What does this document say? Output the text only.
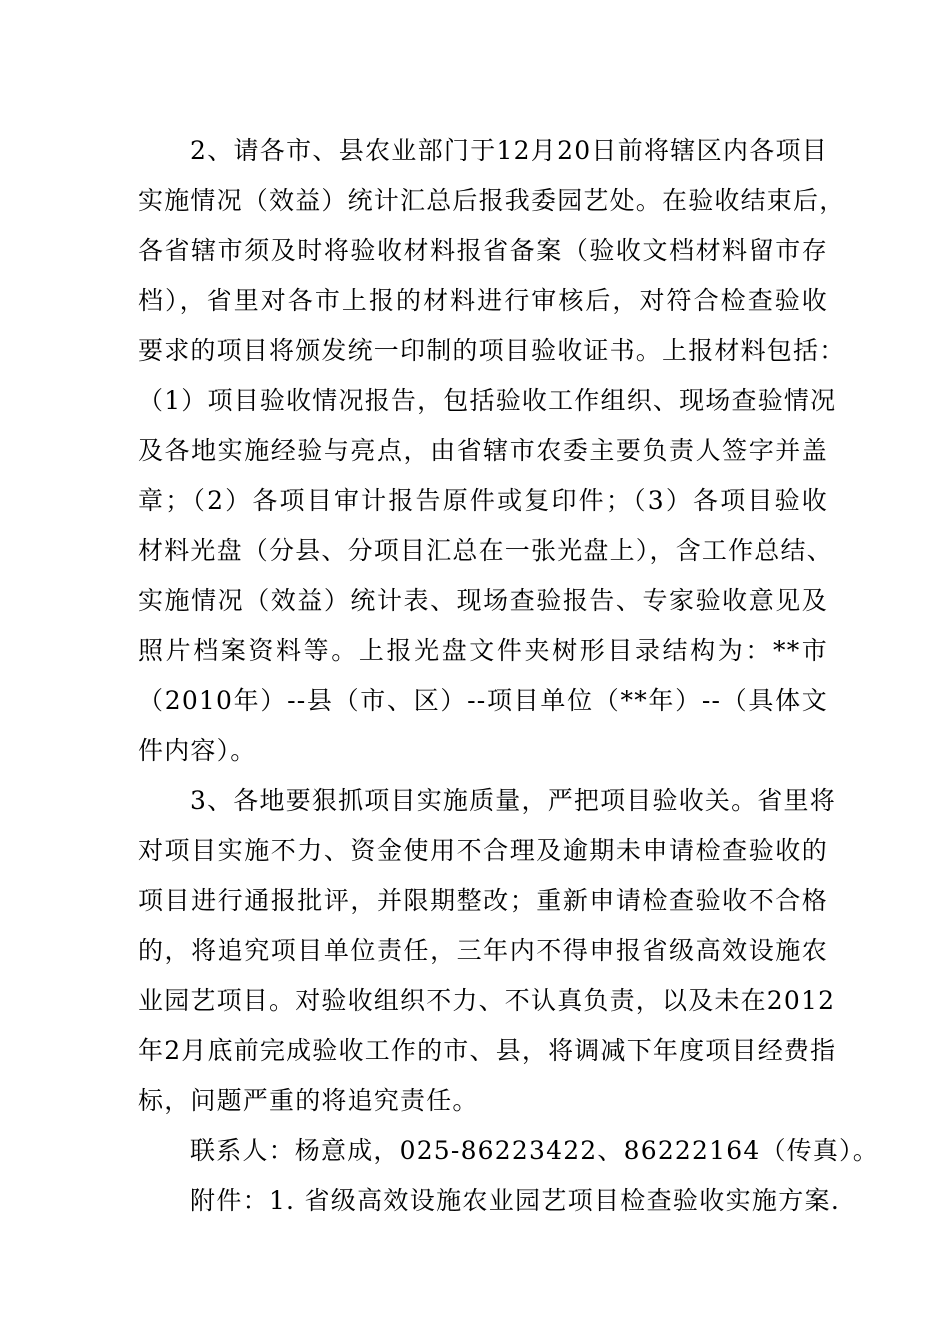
2、请各市、县农业部门于12月20日前将辖区内各项目
实施情况（效益）统计汇总后报我委园艺处。在验收结束后，
各省辖市须及时将验收材料报省备案（验收文档材料留市存
档），省里对各市上报的材料进行审核后，对符合检查验收
要求的项目将颁发统一印制的项目验收证书。上报材料包括：
（1）项目验收情况报告，包括验收工作组织、现场查验情况
及各地实施经验与亮点，由省辖市农委主要负责人签字并盖
章；（2）各项目审计报告原件或复印件；（3）各项目验收
材料光盘（分县、分项目汇总在一张光盘上），含工作总结、
实施情况（效益）统计表、现场查验报告、专家验收意见及
照片档案资料等。上报光盘文件夹树形目录结构为：**市
（2010年）--县（市、区）--项目单位（**年）--（具体文
件内容）。
3、各地要狠抓项目实施质量，严把项目验收关。省里将
对项目实施不力、资金使用不合理及逾期未申请检查验收的
项目进行通报批评，并限期整改；重新申请检查验收不合格
的，将追究项目单位责任，三年内不得申报省级高效设施农
业园艺项目。对验收组织不力、不认真负责，以及未在2012
年2月底前完成验收工作的市、县，将调减下年度项目经费指
标，问题严重的将追究责任。
联系人：杨意成，025-86223422、86222164（传真）。
附件：1. 省级高效设施农业园艺项目检查验收实施方案.
